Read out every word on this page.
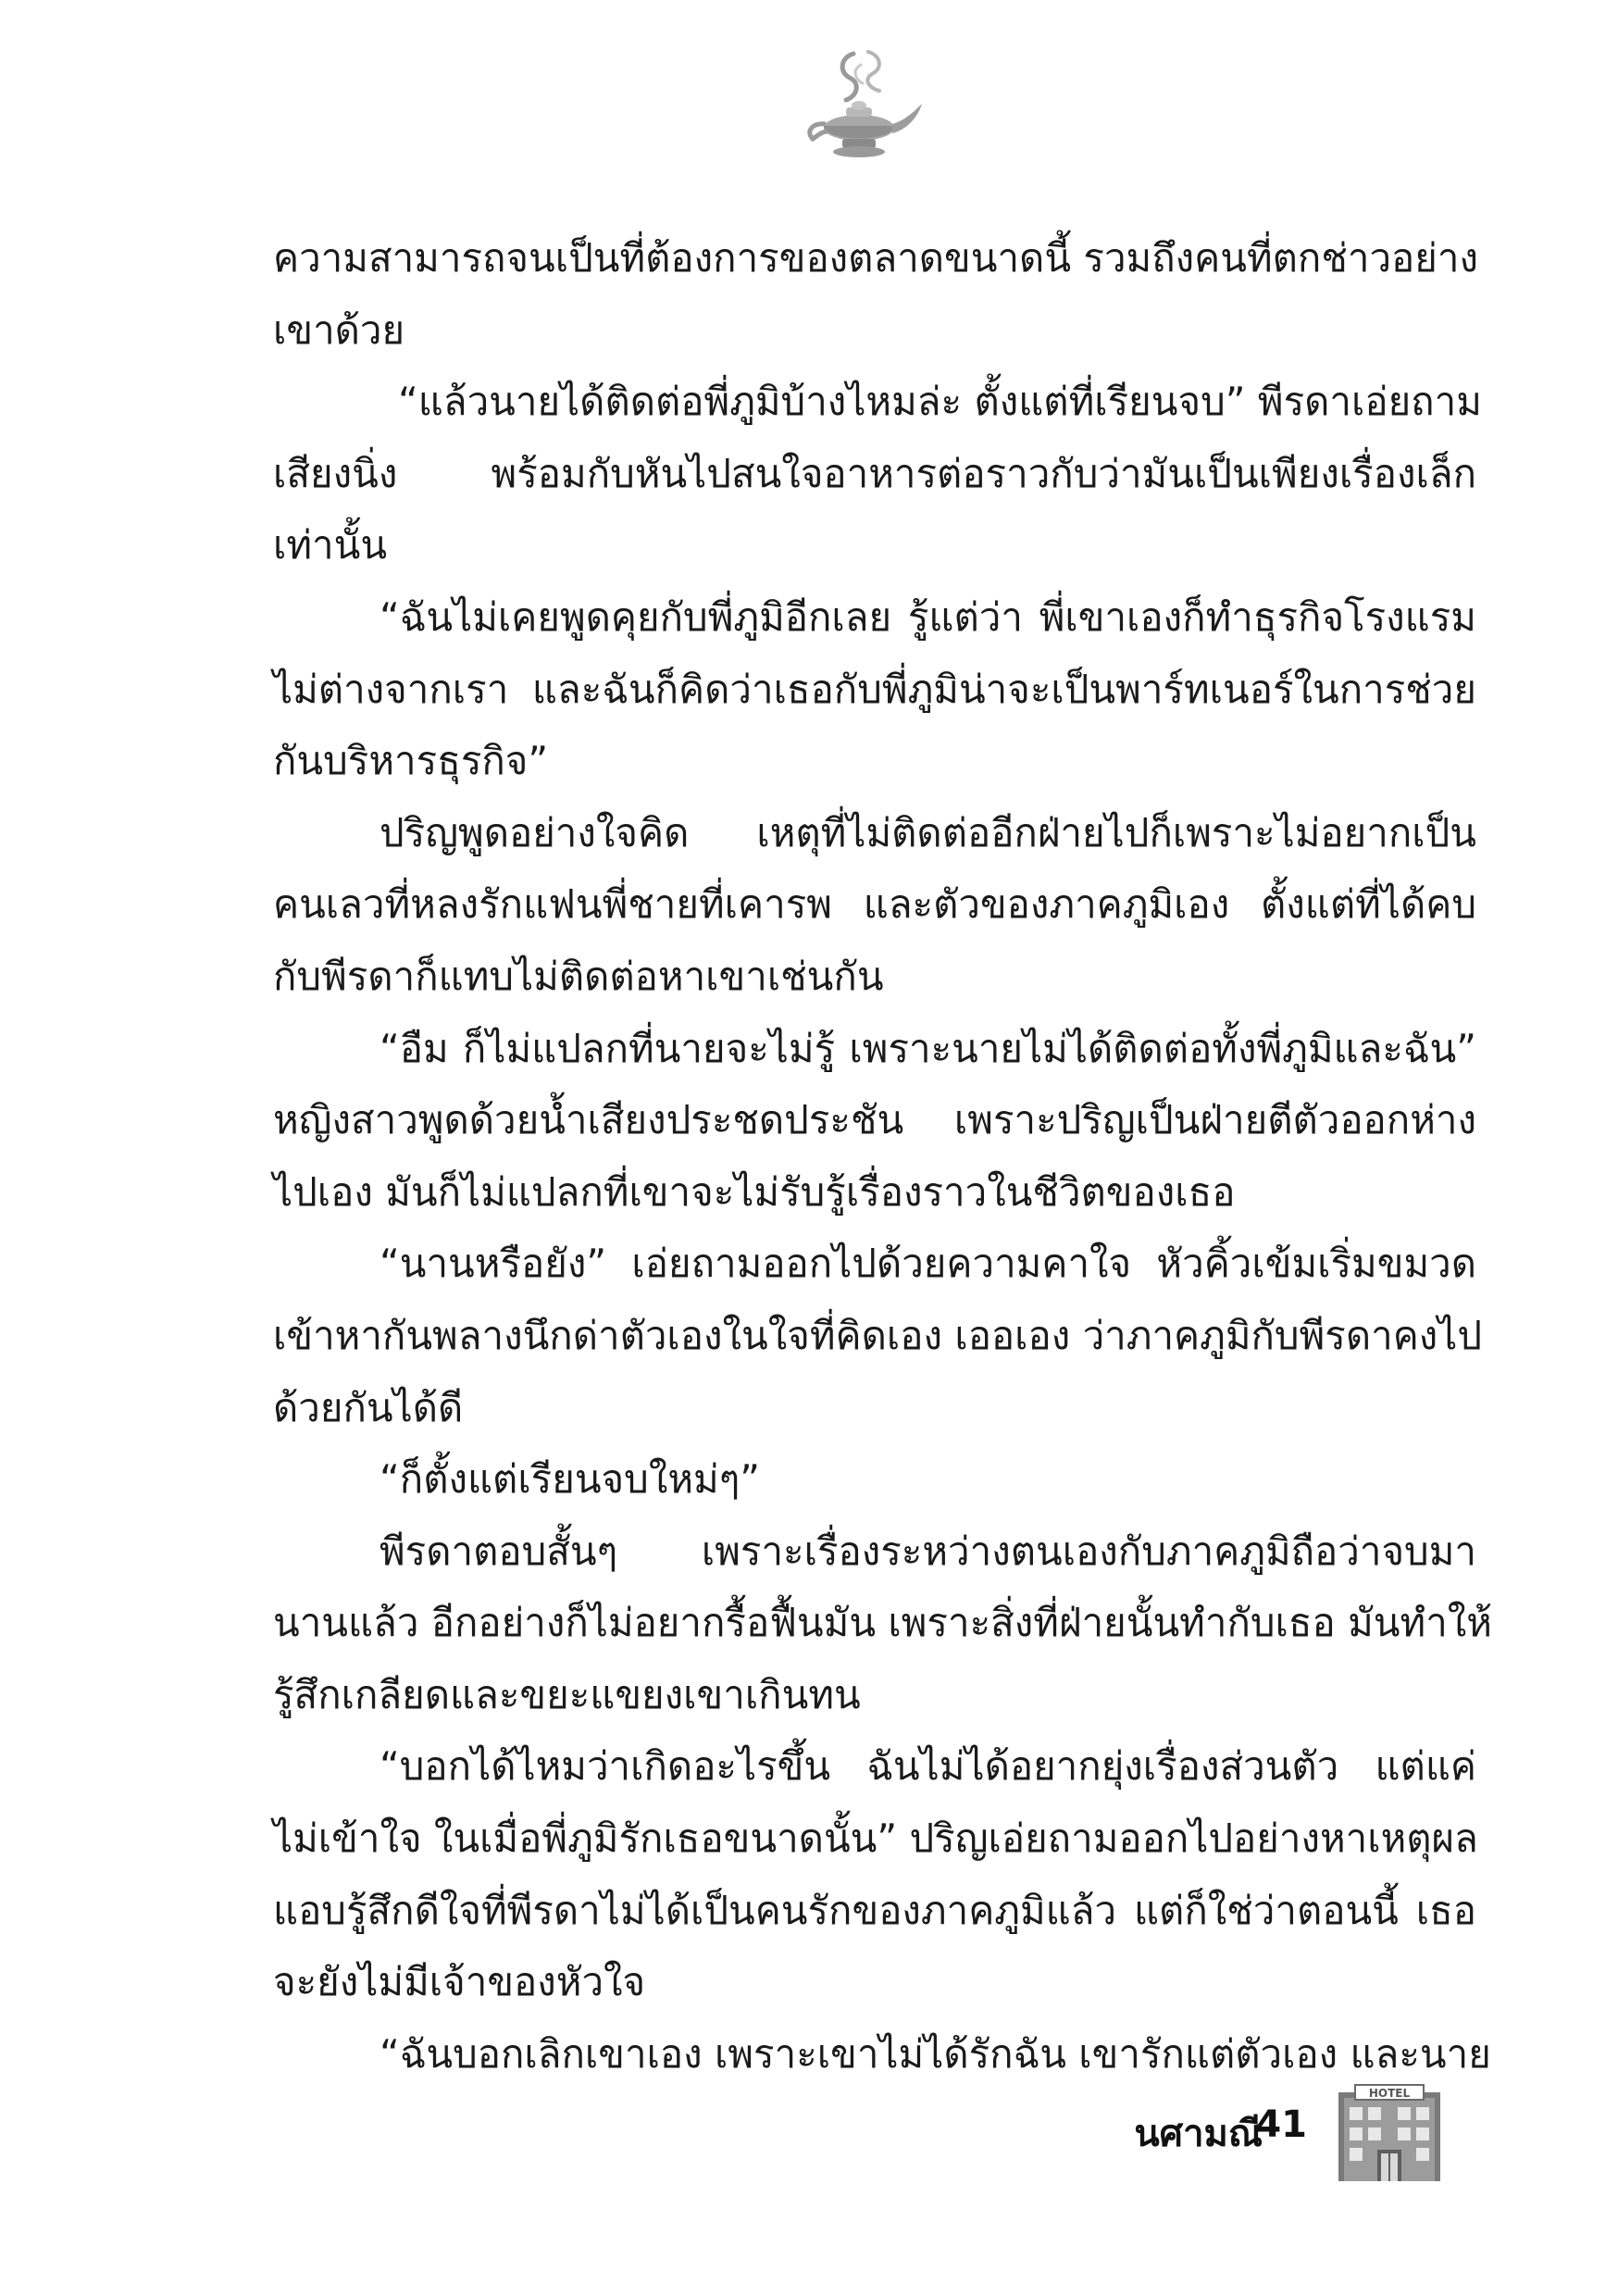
ความสามารถจนเป็นที่ต้องการของตลาดขนาดนี้ รวมถึงคนที่ตกช่าวอย่าง
เขาด้วย
“แล้วนายได้ติดต่อพี่ภูมิบ้างไหมล่ะ ตั้งแต่ที่เรียนจบ” พีรดาเอ่ยถาม
เสียงนิ่ง พร้อมกับหันไปสนใจอาหารต่อราวกับว่ามันเป็นเพียงเรื่องเล็ก
เท่านั้น
“ฉันไม่เคยพูดคุยกับพี่ภูมิอีกเลย รู้แต่ว่า พี่เขาเองก็ทำธุรกิจโรงแรม
ไม่ต่างจากเรา และฉันก็คิดว่าเธอกับพี่ภูมิน่าจะเป็นพาร์ทเนอร์ในการช่วย
กันบริหารธุรกิจ”
ปริญพูดอย่างใจคิด เหตุที่ไม่ติดต่ออีกฝ่ายไปก็เพราะไม่อยากเป็น
คนเลวที่หลงรักแฟนพี่ชายที่เคารพ และตัวของภาคภูมิเอง ตั้งแต่ที่ได้คบ
กับพีรดาก็แทบไม่ติดต่อหาเขาเช่นกัน
“อืม ก็ไม่แปลกที่นายจะไม่รู้ เพราะนายไม่ได้ติดต่อทั้งพี่ภูมิและฉัน”
หญิงสาวพูดด้วยน้ำเสียงประชดประชัน เพราะปริญเป็นฝ่ายตีตัวออกห่าง
ไปเอง มันก็ไม่แปลกที่เขาจะไม่รับรู้เรื่องราวในชีวิตของเธอ
“นานหรือยัง” เอ่ยถามออกไปด้วยความคาใจ หัวคิ้วเข้มเริ่มขมวด
เข้าหากันพลางนึกด่าตัวเองในใจที่คิดเอง เออเอง ว่าภาคภูมิกับพีรดาคงไป
ด้วยกันได้ดี
“ก็ตั้งแต่เรียนจบใหม่ๆ”
พีรดาตอบสั้นๆ เพราะเรื่องระหว่างตนเองกับภาคภูมิถือว่าจบมา
นานแล้ว อีกอย่างก็ไม่อยากรื้อฟื้นมัน เพราะสิ่งที่ฝ่ายนั้นทำกับเธอ มันทำให้
รู้สึกเกลียดและขยะแขยงเขาเกินทน
“บอกได้ไหมว่าเกิดอะไรขึ้น ฉันไม่ได้อยากยุ่งเรื่องส่วนตัว แต่แค่
ไม่เข้าใจ ในเมื่อพี่ภูมิรักเธอขนาดนั้น” ปริญเอ่ยถามออกไปอย่างหาเหตุผล
แอบรู้สึกดีใจที่พีรดาไม่ได้เป็นคนรักของภาคภูมิแล้ว แต่ก็ใช่ว่าตอนนี้ เธอ
จะยังไม่มีเจ้าของหัวใจ
“ฉันบอกเลิกเขาเอง เพราะเขาไม่ได้รักฉัน เขารักแต่ตัวเอง และนาย
นศามณี
41
HOTEL
